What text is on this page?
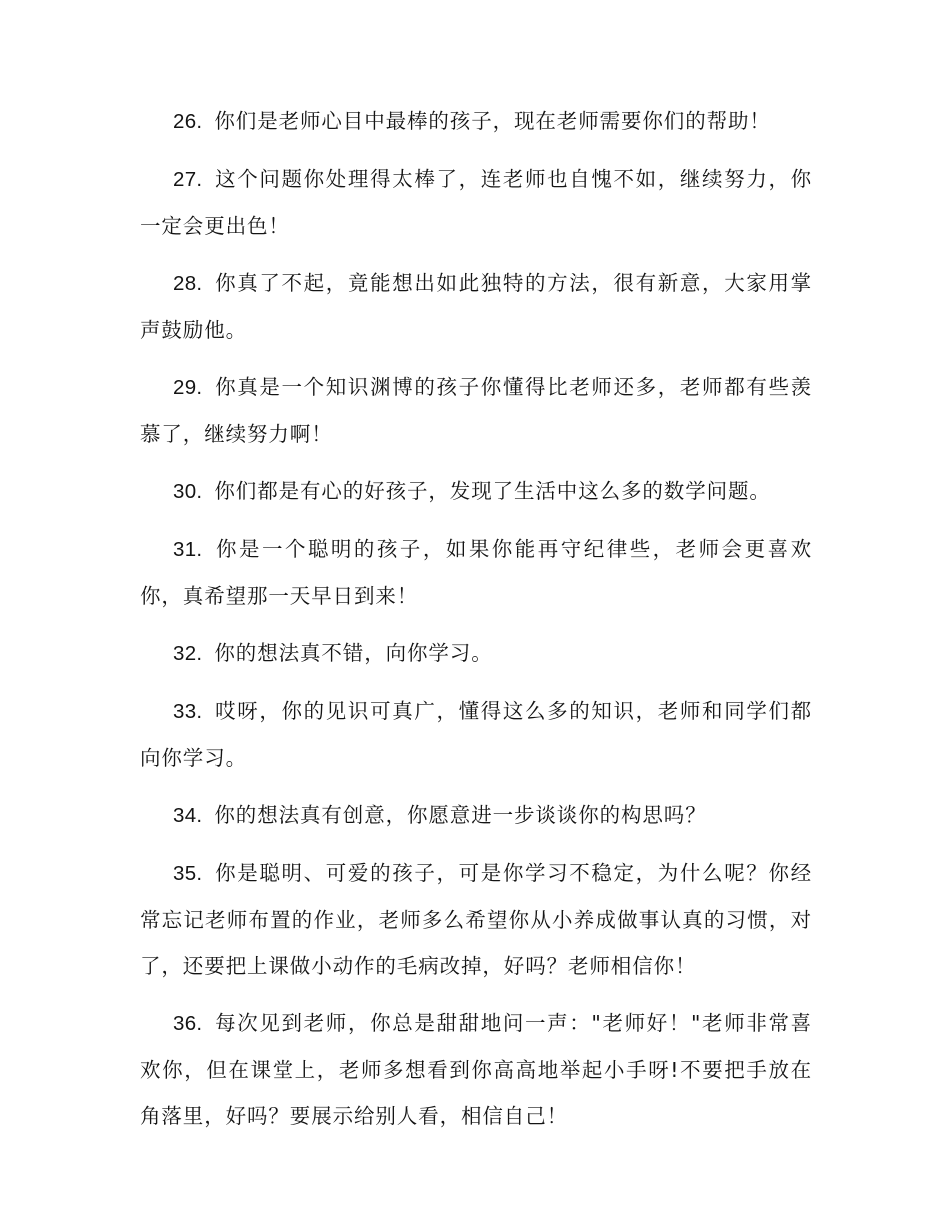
26. 你们是老师心目中最棒的孩子，现在老师需要你们的帮助！

27. 这个问题你处理得太棒了，连老师也自愧不如，继续努力，你一定会更出色！

28. 你真了不起，竟能想出如此独特的方法，很有新意，大家用掌声鼓励他。

29. 你真是一个知识渊博的孩子你懂得比老师还多，老师都有些羡慕了，继续努力啊！

30. 你们都是有心的好孩子，发现了生活中这么多的数学问题。

31. 你是一个聪明的孩子，如果你能再守纪律些，老师会更喜欢你，真希望那一天早日到来！

32. 你的想法真不错，向你学习。

33. 哎呀，你的见识可真广，懂得这么多的知识，老师和同学们都向你学习。

34. 你的想法真有创意，你愿意进一步谈谈你的构思吗？

35. 你是聪明、可爱的孩子，可是你学习不稳定，为什么呢？你经常忘记老师布置的作业，老师多么希望你从小养成做事认真的习惯，对了，还要把上课做小动作的毛病改掉，好吗？老师相信你！

36. 每次见到老师，你总是甜甜地问一声："老师好！"老师非常喜欢你，但在课堂上，老师多想看到你高高地举起小手呀!不要把手放在角落里，好吗？要展示给别人看，相信自己！
